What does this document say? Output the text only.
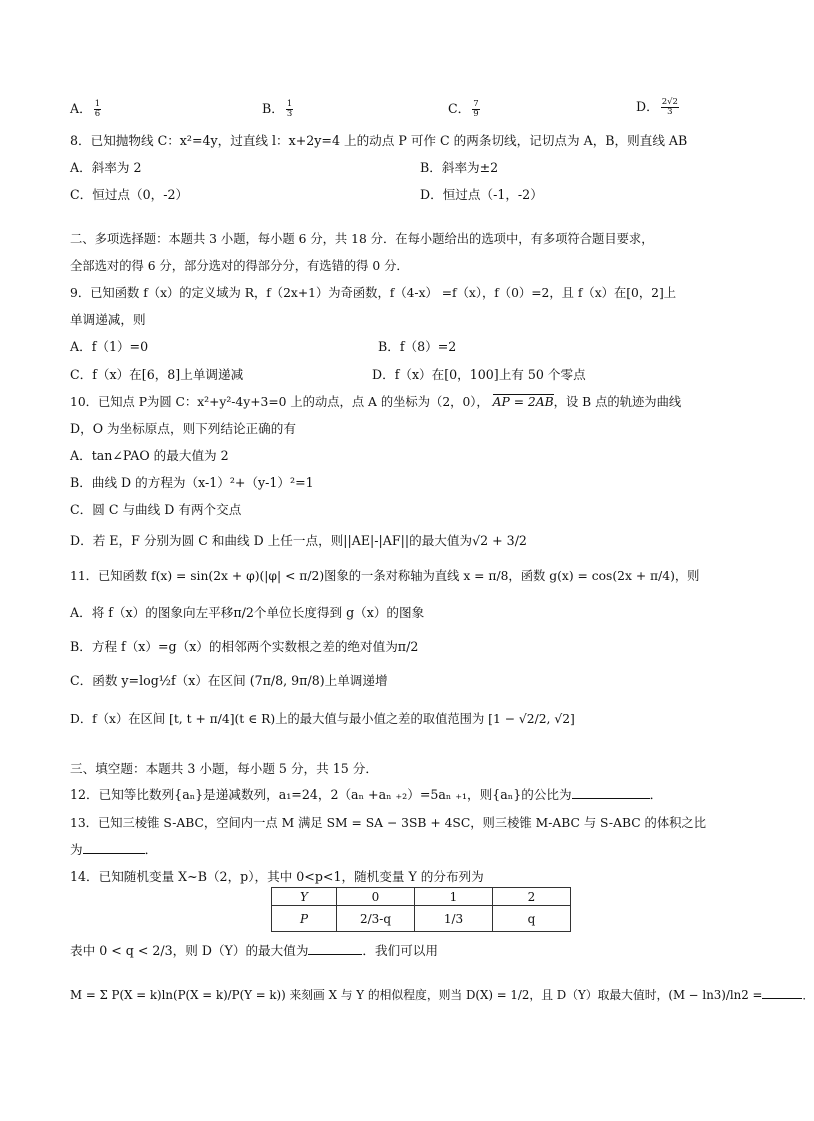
A． $\frac{1}{6}$	B． $\frac{1}{3}$	C． $\frac{7}{9}$	D． $\frac{2√2}{3}$
8．已知抛物线 C：x²=4y，过直线 l：x+2y=4 上的动点 P 可作 C 的两条切线，记切点为 A，B，则直线 AB
A．斜率为 2	B．斜率为±2
C．恒过点（0，-2）	D．恒过点（-1，-2）
二、多项选择题：本题共 3 小题，每小题 6 分，共 18 分．在每小题给出的选项中，有多项符合题目要求，
全部选对的得 6 分，部分选对的得部分分，有选错的得 0 分．
9．已知函数 f（x）的定义域为 R，f（2x+1）为奇函数，f（4-x） =f（x），f（0）=2，且 f（x）在[0，2]上
单调递减，则
A．f（1）=0	B．f（8）=2
C．f（x）在[6，8]上单调递减	D．f（x）在[0，100]上有 50 个零点
10．已知点 P为圆 C：x²+y²-4y+3=0 上的动点，点 A 的坐标为（2，0）， AP = 2AB，设 B 点的轨迹为曲线
D，O 为坐标原点，则下列结论正确的有
A．tan∠PAO 的最大值为 2
B．曲线 D 的方程为（x-1）²+（y-1）²=1
C．圆 C 与曲线 D 有两个交点
D．若 E，F 分别为圆 C 和曲线 D 上任一点，则||AE|-|AF||的最大值为√2 + 3/2
11．已知函数 f(x) = sin(2x + φ)(|φ| < π/2)图象的一条对称轴为直线 x = π/8，函数 g(x) = cos(2x + π/4)，则
A．将 f（x）的图象向左平移π/2个单位长度得到 g（x）的图象
B．方程 f（x）=g（x）的相邻两个实数根之差的绝对值为π/2
C．函数 y=log½f（x）在区间 (7π/8, 9π/8)上单调递增
D．f（x）在区间 [t, t + π/4](t ∈ R)上的最大值与最小值之差的取值范围为 [1 − √2/2, √2]
三、填空题：本题共 3 小题，每小题 5 分，共 15 分．
12．已知等比数列{aₙ}是递减数列，a₁=24，2（aₙ +aₙ ₊₂）=5aₙ ₊₁，则{aₙ}的公比为	．
13．已知三棱锥 S-ABC，空间内一点 M 满足 SM = SA − 3SB + 4SC，则三棱锥 M-ABC 与 S-ABC 的体积之比
为	．
14．已知随机变量 X~B（2，p），其中 0<p<1，随机变量 Y 的分布列为
Y	0	1	2
P	2/3-q	1/3	q
表中 0 < q < 2/3，则 D（Y）的最大值为	．我们可以用
M = Σ P(X = k)ln(P(X = k)/P(Y = k)) 来刻画 X 与 Y 的相似程度，则当 D(X) = 1/2，且 D（Y）取最大值时，(M − ln3)/ln2 =	．
